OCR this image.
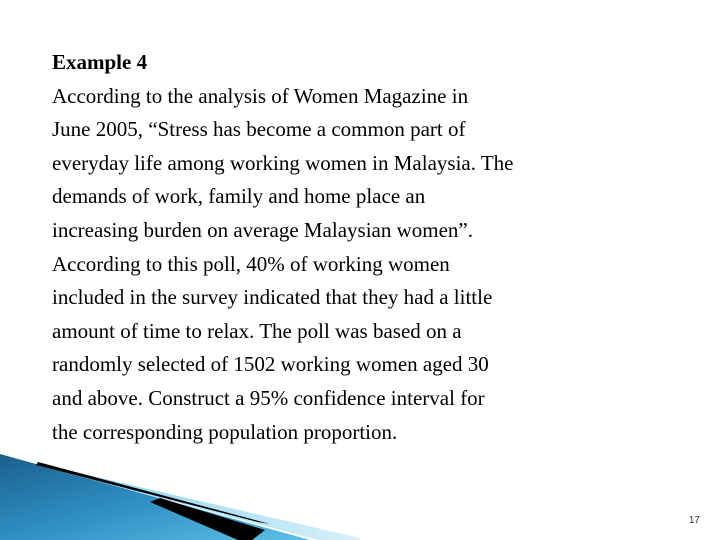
Example 4
According to the analysis of Women Magazine in
June 2005, “Stress has become a common part of
everyday life among working women in Malaysia. The
demands of work, family and home place an
increasing burden on average Malaysian women”.
According to this poll, 40% of working women
included in the survey indicated that they had a little
amount of time to relax. The poll was based on a
randomly selected of 1502 working women aged 30
and above. Construct a 95% confidence interval for
the corresponding population proportion.
17
